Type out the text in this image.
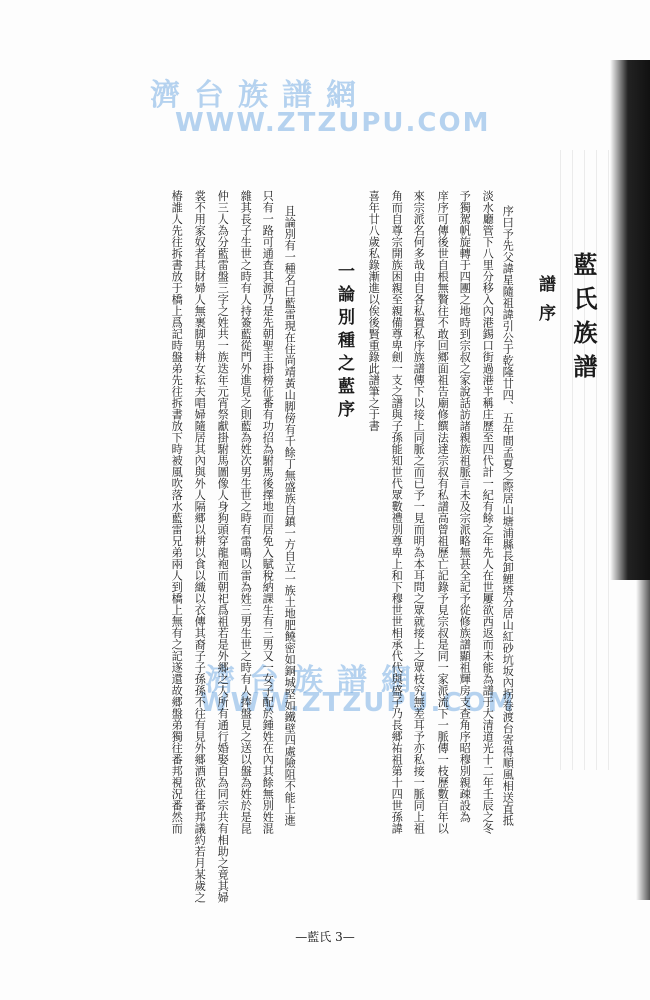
濟台族譜網
WWW.ZTZUPU.COM
濟台族譜網
WWW.ZTZUPU.COM
藍氏族譜
譜序
序曰予先父諱星隨祖諱引公于乾隆廿四、五年間孟夏之際居山塘浦縣長卸鯉塔分居山紅砂坑坂內拐卷渡台寄得順風相送直抵
淡水廳管下八里分移入內港錫口街過港半稱庄歷至四代計一紀有餘之年先人在世屢欲西返而未能為譜于大清道光十二年壬辰之冬
予獨駕帆旋轉于四團之地時到宗叔之家說話訪諸親族祖脈言未及宗派略無甚全記予從修族譜顯祖輝房支查角序昭穆別親疎設為
庠序可傳後世自根無贅往不敢回鄉面祖告廟修饌法達宗叔有私譜高曾祖歷亡記錄予見宗叔是同一家派流下一脈傳一枝歷數百年以
來宗派名何多哉由自各私置私序族譜傳下以接上同脈之而已予一見而明為本耳問之眾就接上之眾枝究無差耳予亦私接一脈同上祖
角而自尊宗開族困親至親備尊卑劍一支之譜與子孫能知世代眾數禮別尊卑上和下穆世世相承代代與盛子乃長郷祐祖第十四世孫諱
喜年廿八歲私錄漸進以俟後賢重錄此譜筆之于書
一論別種之藍序
且論別有一種名曰藍雷現在住尚靖黃山脚傍有千餘丁無盛族自鎮一方自立一族土地肥饒密如銅城堅如鐵壁四處險阻不能上進
只有一路可通查其源乃是先朝聖主掛榜征番有功招為駙馬後擇地而居免入賦稅納課生有三男又一女子配於鍾姓在內其餘無別姓混
雜其長子生世之時有人持簽藍從門外進見之則藍為姓次男生世之時有雷鳴以雷為姓三男生世之時有人捧盤見之送以盤為姓於是昆
仲三人為分藍雷盤三字之姓共一族迭年元宵祭獻掛駙馬圖像人身狗頭穿龍袍而朝祀爲祖若是外郷之人所有通行婚娶自為同宗共有相助之竟其婦
裳不用家奴者其財婦人無裹脚男耕女耘夫唱婦隨居其內與外人隔郷以耕以食以織以衣傳其裔子子孫孫不往有見外郷酒欲往番邦議約若月某歲之
椿誰人先往拆書放于橋上爲記時盤弟先往拆書放下時被風吹落水藍雷兄弟兩人到橋上無有之記遂還故郷盤弟獨往番邦視況番然而
—藍氏 3—
